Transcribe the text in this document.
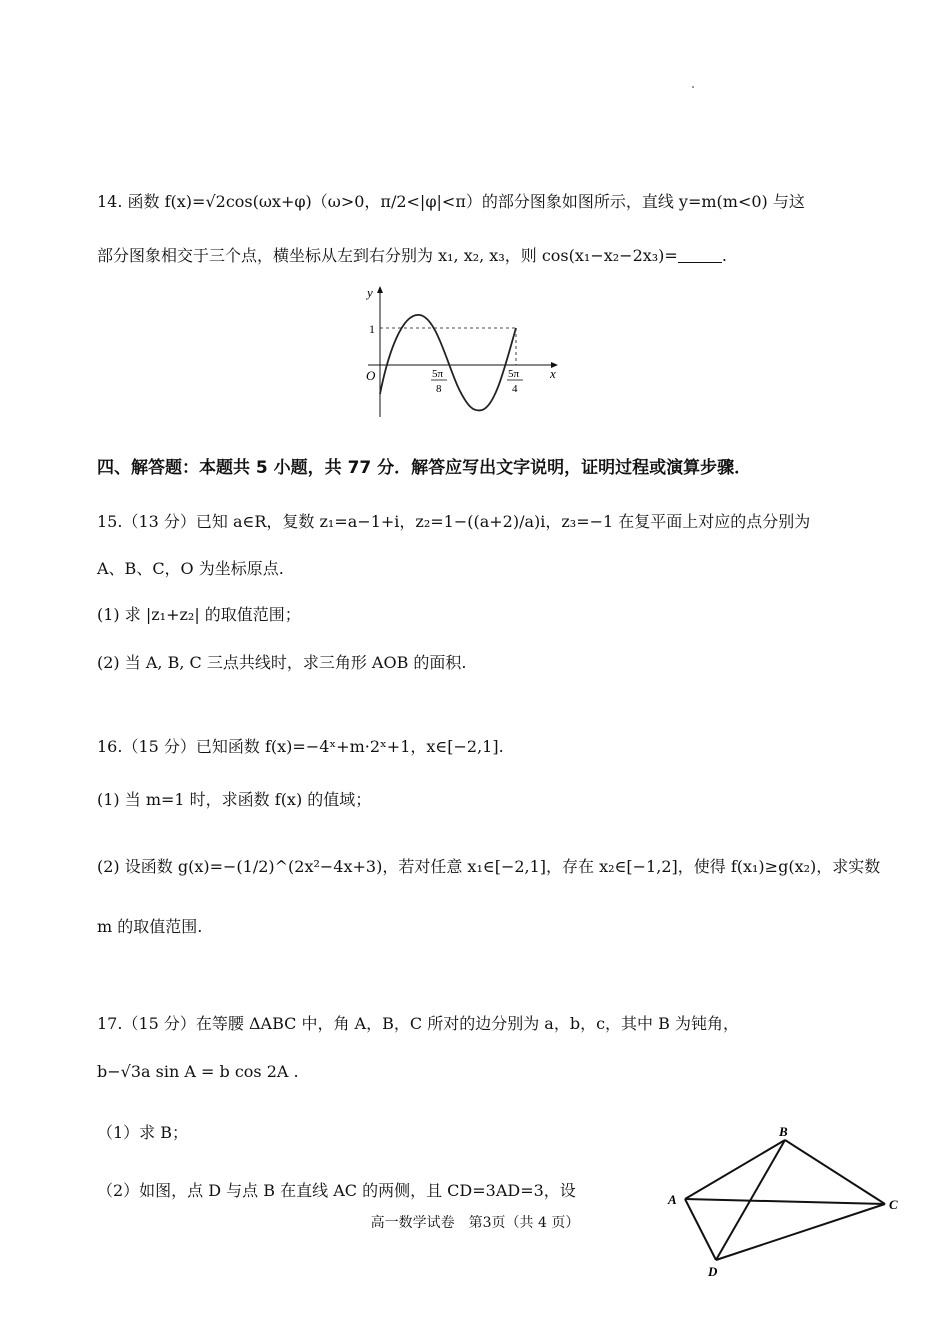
14. 函数 f(x)=√2cos(ωx+φ)（ω>0，π/2<|φ|<π）的部分图象如图所示，直线 y=m(m<0) 与这
部分图象相交于三个点，横坐标从左到右分别为 x₁, x₂, x₃，则 cos(x₁−x₂−2x₃)=	.
y
x
O
1
5π
8
5π
4
四、解答题：本题共 5 小题，共 77 分．解答应写出文字说明，证明过程或演算步骤．
15.（13 分）已知 a∈R，复数 z₁=a−1+i，z₂=1−((a+2)/a)i，z₃=−1 在复平面上对应的点分别为
A、B、C，O 为坐标原点.
(1) 求 |z₁+z₂| 的取值范围；
(2) 当 A, B, C 三点共线时，求三角形 AOB 的面积.
16.（15 分）已知函数 f(x)=−4ˣ+m·2ˣ+1，x∈[−2,1].
(1) 当 m=1 时，求函数 f(x) 的值域；
(2) 设函数 g(x)=−(1/2)^(2x²−4x+3)，若对任意 x₁∈[−2,1]，存在 x₂∈[−1,2]，使得 f(x₁)≥g(x₂)，求实数
m 的取值范围.
17.（15 分）在等腰 ΔABC 中，角 A，B，C 所对的边分别为 a，b，c，其中 B 为钝角，
b−√3a sin A = b cos 2A .
（1）求 B；
（2）如图，点 D 与点 B 在直线 AC 的两侧，且 CD=3AD=3，设
B
A	C
D
高一数学试卷　第3页（共 4 页）
